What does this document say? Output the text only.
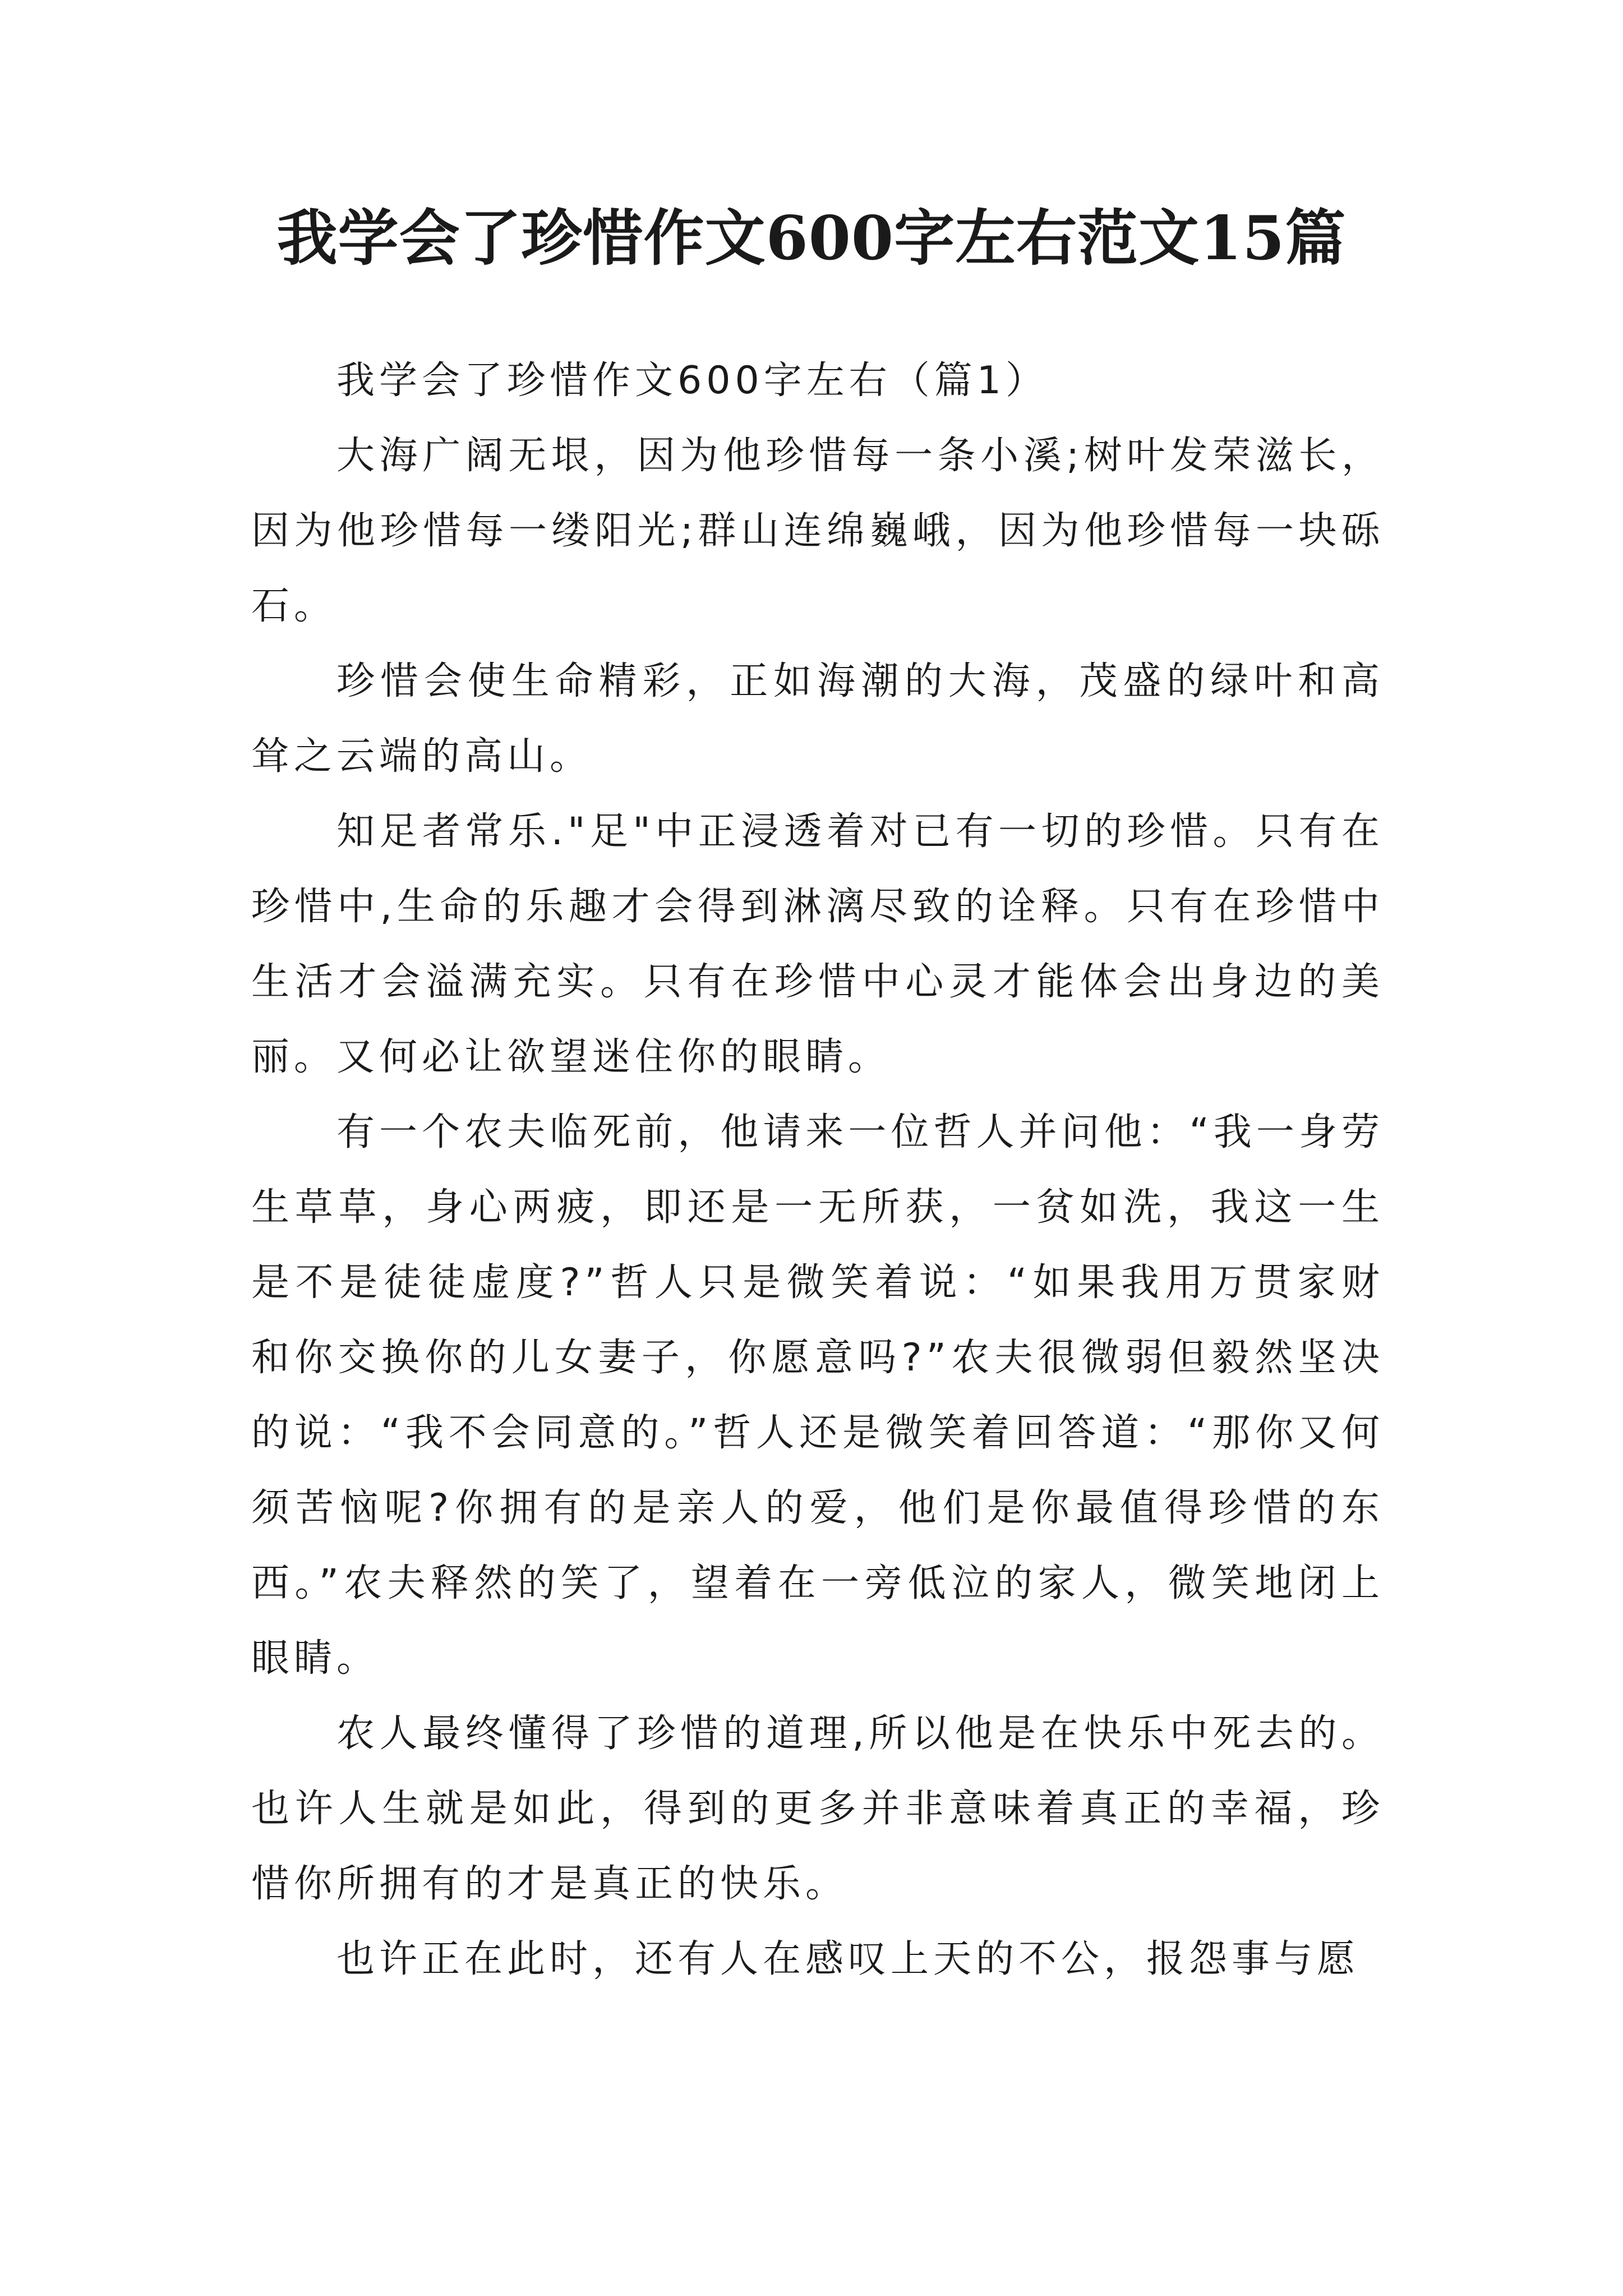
我学会了珍惜作文600字左右范文15篇

我学会了珍惜作文600字左右（篇1）

大海广阔无垠，因为他珍惜每一条小溪;树叶发荣滋长，因为他珍惜每一缕阳光;群山连绵巍峨，因为他珍惜每一块砾石。

珍惜会使生命精彩，正如海潮的大海，茂盛的绿叶和高耸之云端的高山。

知足者常乐."足"中正浸透着对已有一切的珍惜。只有在珍惜中,生命的乐趣才会得到淋漓尽致的诠释。只有在珍惜中生活才会溢满充实。只有在珍惜中心灵才能体会出身边的美丽。又何必让欲望迷住你的眼睛。

有一个农夫临死前，他请来一位哲人并问他：“我一身劳生草草，身心两疲，即还是一无所获，一贫如洗，我这一生是不是徒徒虚度?”哲人只是微笑着说：“如果我用万贯家财和你交换你的儿女妻子，你愿意吗?”农夫很微弱但毅然坚决的说：“我不会同意的。”哲人还是微笑着回答道：“那你又何须苦恼呢?你拥有的是亲人的爱，他们是你最值得珍惜的东西。”农夫释然的笑了，望着在一旁低泣的家人，微笑地闭上眼睛。

农人最终懂得了珍惜的道理,所以他是在快乐中死去的。也许人生就是如此，得到的更多并非意味着真正的幸福，珍惜你所拥有的才是真正的快乐。

也许正在此时，还有人在感叹上天的不公，报怨事与愿
